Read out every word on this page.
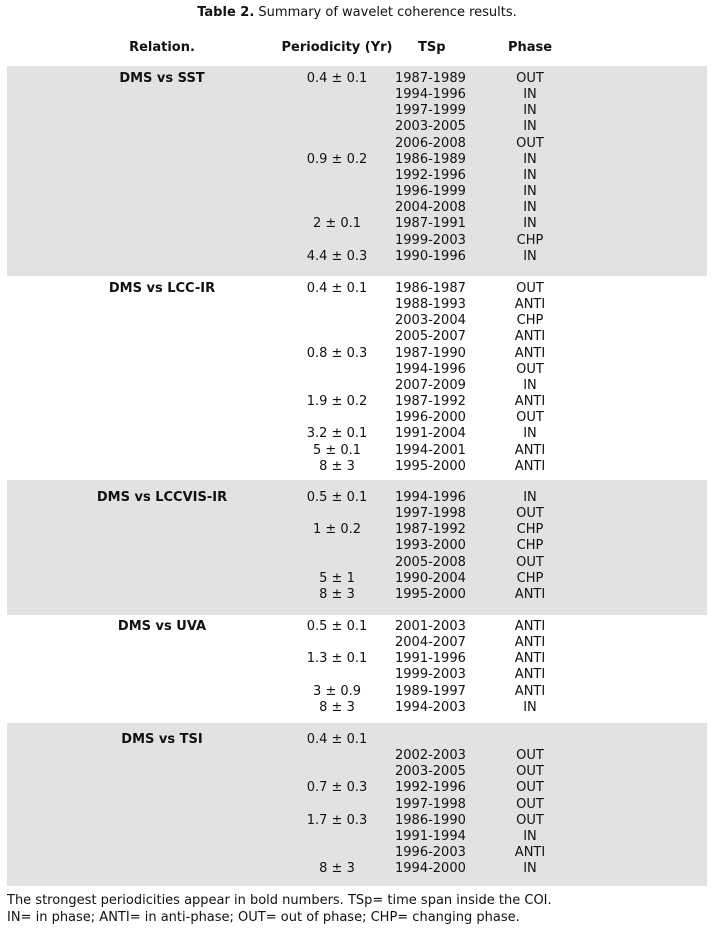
Table 2. Summary of wavelet coherence results.
Relation.	Periodicity (Yr)	TSp	Phase
DMS vs SST	0.4 ± 0.1	1987-1989	OUT
1994-1996	IN
1997-1999	IN
2003-2005	IN
2006-2008	OUT
0.9 ± 0.2	1986-1989	IN
1992-1996	IN
1996-1999	IN
2004-2008	IN
2 ± 0.1	1987-1991	IN
1999-2003	CHP
4.4 ± 0.3	1990-1996	IN
DMS vs LCC-IR	0.4 ± 0.1	1986-1987	OUT
1988-1993	ANTI
2003-2004	CHP
2005-2007	ANTI
0.8 ± 0.3	1987-1990	ANTI
1994-1996	OUT
2007-2009	IN
1.9 ± 0.2	1987-1992	ANTI
1996-2000	OUT
3.2 ± 0.1	1991-2004	IN
5 ± 0.1	1994-2001	ANTI
8 ± 3	1995-2000	ANTI
DMS vs LCCVIS-IR	0.5 ± 0.1	1994-1996	IN
1997-1998	OUT
1 ± 0.2	1987-1992	CHP
1993-2000	CHP
2005-2008	OUT
5 ± 1	1990-2004	CHP
8 ± 3	1995-2000	ANTI
DMS vs UVA	0.5 ± 0.1	2001-2003	ANTI
2004-2007	ANTI
1.3 ± 0.1	1991-1996	ANTI
1999-2003	ANTI
3 ± 0.9	1989-1997	ANTI
8 ± 3	1994-2003	IN
DMS vs TSI	0.4 ± 0.1
2002-2003	OUT
2003-2005	OUT
0.7 ± 0.3	1992-1996	OUT
1997-1998	OUT
1.7 ± 0.3	1986-1990	OUT
1991-1994	IN
1996-2003	ANTI
8 ± 3	1994-2000	IN
The strongest periodicities appear in bold numbers. TSp= time span inside the COI.
IN= in phase; ANTI= in anti-phase; OUT= out of phase; CHP= changing phase.
